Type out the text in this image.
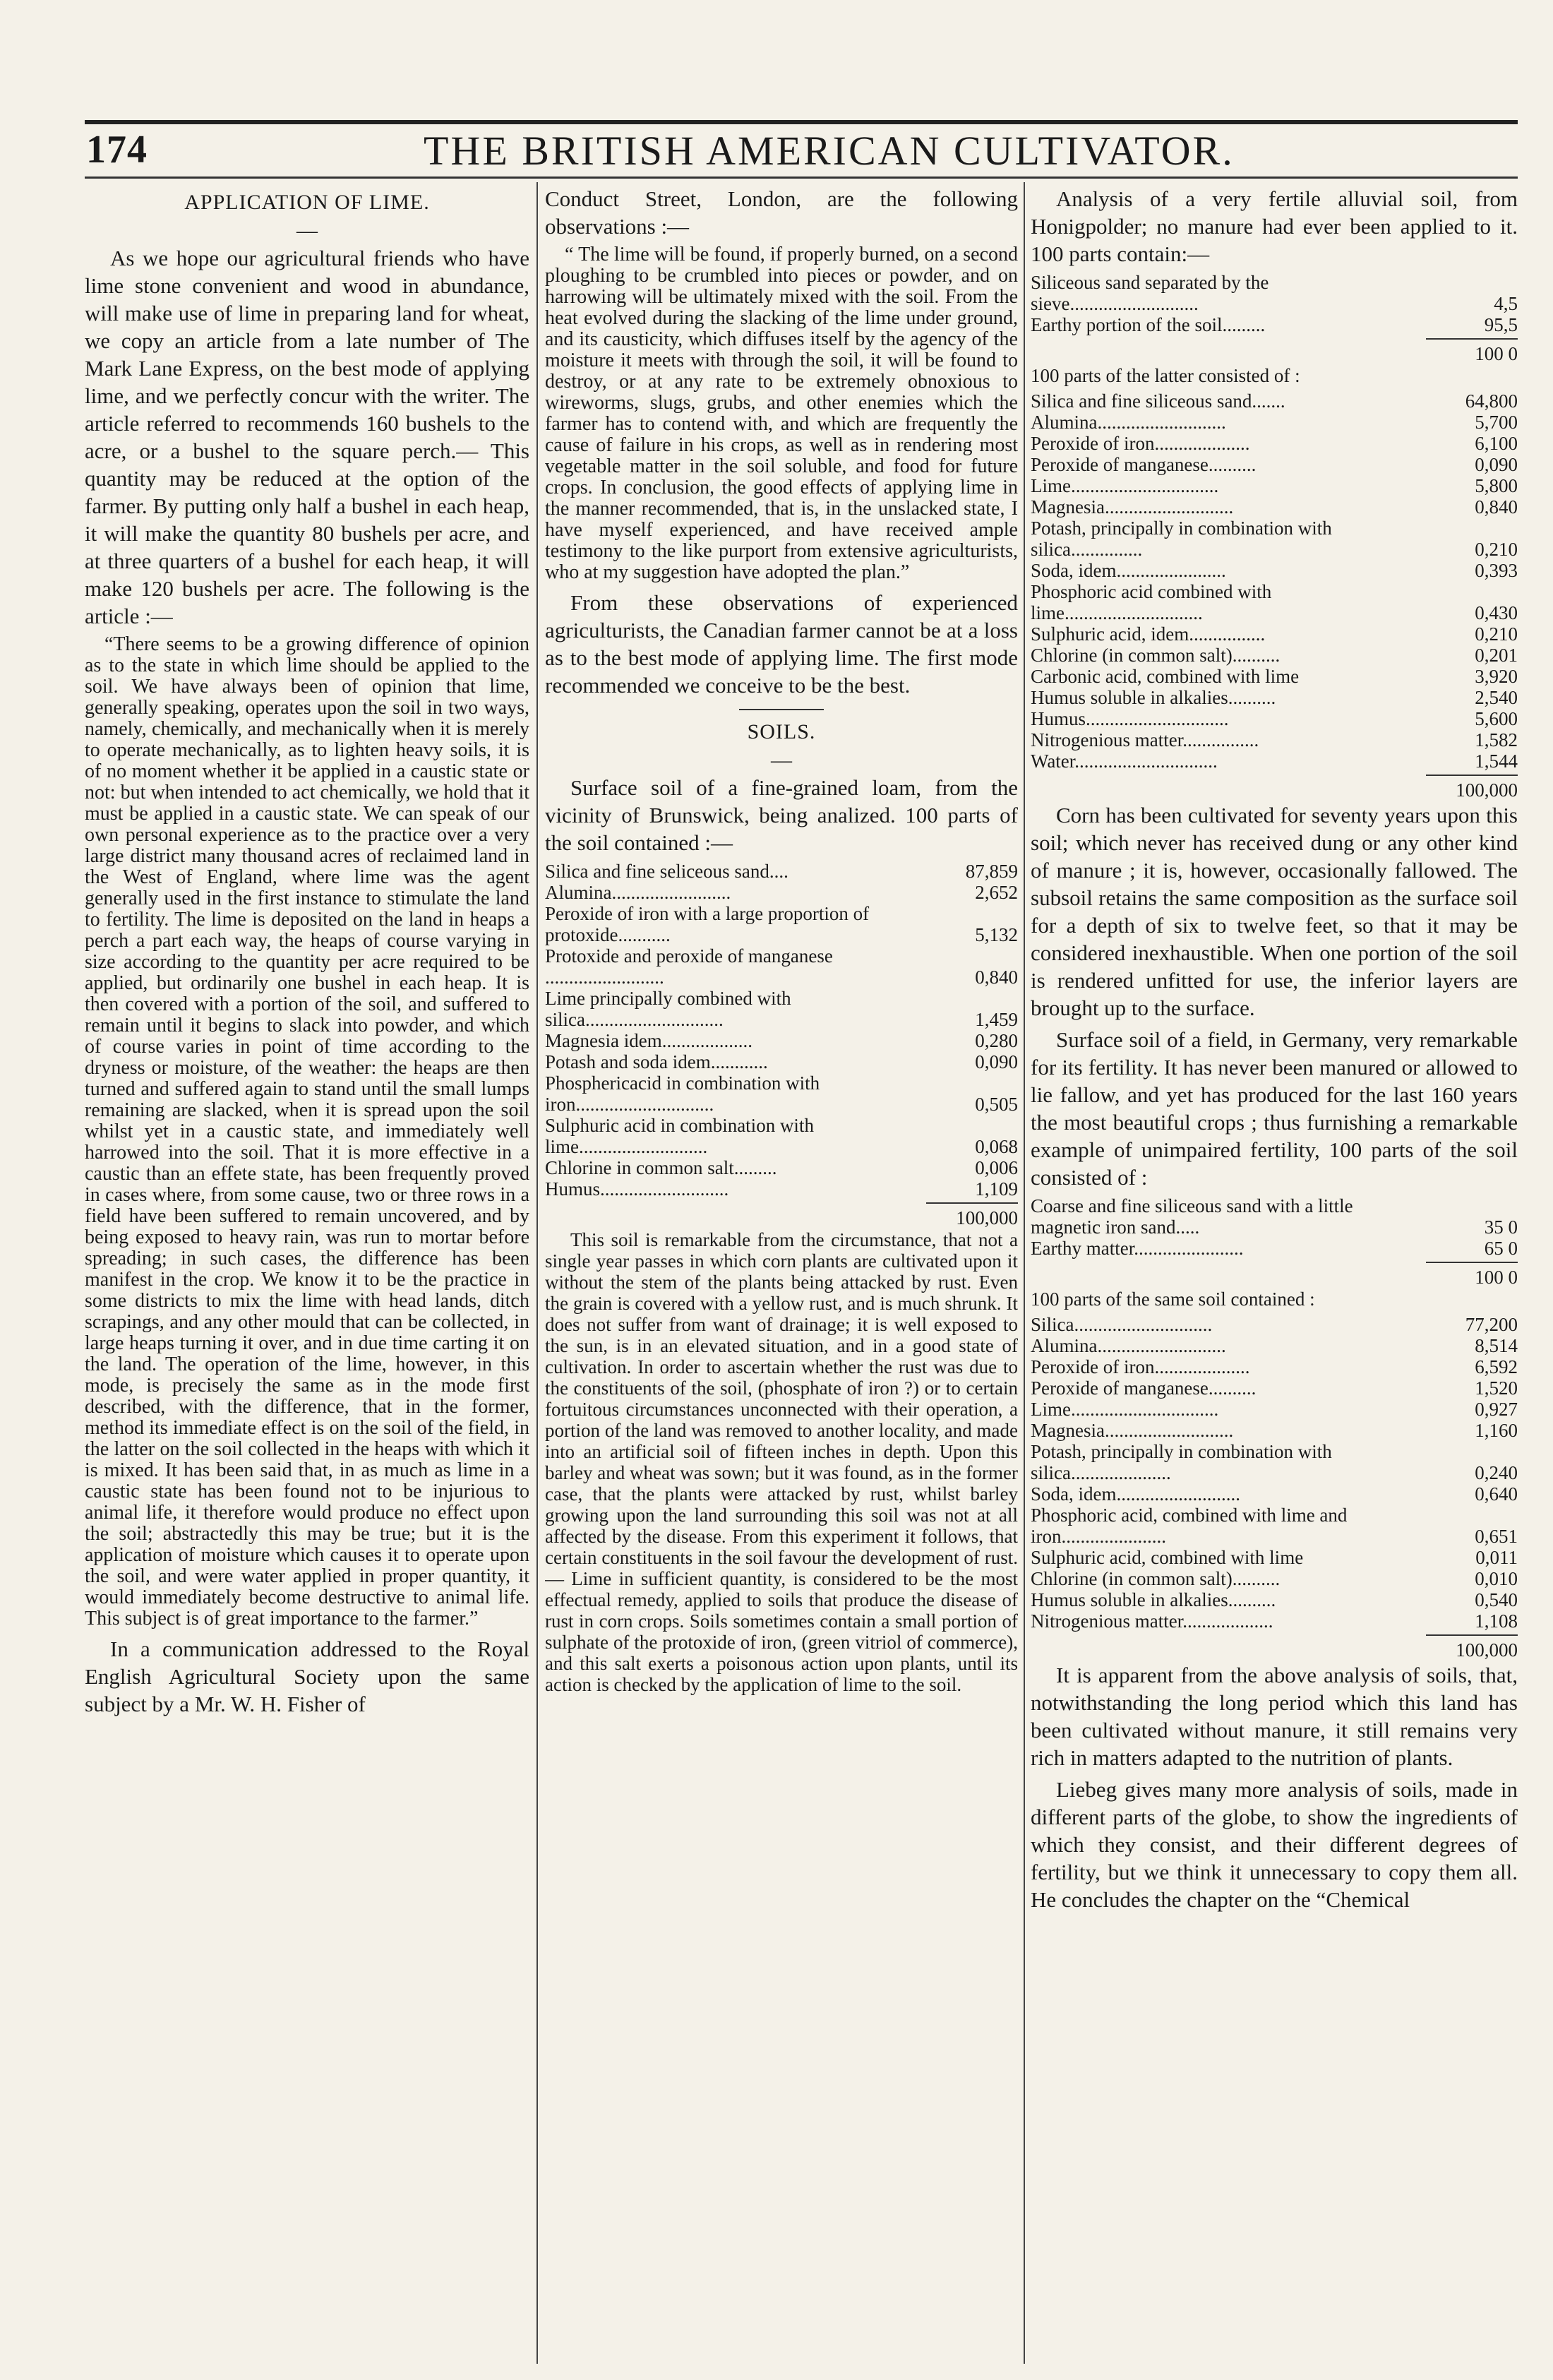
174	THE BRITISH AMERICAN CULTIVATOR.
APPLICATION OF LIME.
—

As we hope our agricultural friends who have lime stone convenient and wood in abundance, will make use of lime in preparing land for wheat, we copy an article from a late number of The Mark Lane Express, on the best mode of applying lime, and we perfectly concur with the writer. The article referred to recommends 160 bushels to the acre, or a bushel to the square perch.— This quantity may be reduced at the option of the farmer. By putting only half a bushel in each heap, it will make the quantity 80 bushels per acre, and at three quarters of a bushel for each heap, it will make 120 bushels per acre. The following is the article :—

“There seems to be a growing difference of opinion as to the state in which lime should be applied to the soil. We have always been of opinion that lime, generally speaking, operates upon the soil in two ways, namely, chemically, and mechanically when it is merely to operate mechanically, as to lighten heavy soils, it is of no moment whether it be applied in a caustic state or not: but when intended to act chemically, we hold that it must be applied in a caustic state. We can speak of our own personal experience as to the practice over a very large district many thousand acres of reclaimed land in the West of England, where lime was the agent generally used in the first instance to stimulate the land to fertility. The lime is deposited on the land in heaps a perch a part each way, the heaps of course varying in size according to the quantity per acre required to be applied, but ordinarily one bushel in each heap. It is then covered with a portion of the soil, and suffered to remain until it begins to slack into powder, and which of course varies in point of time according to the dryness or moisture, of the weather: the heaps are then turned and suffered again to stand until the small lumps remaining are slacked, when it is spread upon the soil whilst yet in a caustic state, and immediately well harrowed into the soil. That it is more effective in a caustic than an effete state, has been frequently proved in cases where, from some cause, two or three rows in a field have been suffered to remain uncovered, and by being exposed to heavy rain, was run to mortar before spreading; in such cases, the difference has been manifest in the crop. We know it to be the practice in some districts to mix the lime with head lands, ditch scrapings, and any other mould that can be collected, in large heaps turning it over, and in due time carting it on the land. The operation of the lime, however, in this mode, is precisely the same as in the mode first described, with the difference, that in the former, method its immediate effect is on the soil of the field, in the latter on the soil collected in the heaps with which it is mixed. It has been said that, in as much as lime in a caustic state has been found not to be injurious to animal life, it therefore would produce no effect upon the soil; abstractedly this may be true; but it is the application of moisture which causes it to operate upon the soil, and were water applied in proper quantity, it would immediately become destructive to animal life. This subject is of great importance to the farmer.”

In a communication addressed to the Royal English Agricultural Society upon the same subject by a Mr. W. H. Fisher of

Conduct Street, London, are the following observations :—

“ The lime will be found, if properly burned, on a second ploughing to be crumbled into pieces or powder, and on harrowing will be ultimately mixed with the soil. From the heat evolved during the slacking of the lime under ground, and its causticity, which diffuses itself by the agency of the moisture it meets with through the soil, it will be found to destroy, or at any rate to be extremely obnoxious to wireworms, slugs, grubs, and other enemies which the farmer has to contend with, and which are frequently the cause of failure in his crops, as well as in rendering most vegetable matter in the soil soluble, and food for future crops. In conclusion, the good effects of applying lime in the manner recommended, that is, in the unslacked state, I have myself experienced, and have received ample testimony to the like purport from extensive agriculturists, who at my suggestion have adopted the plan.”

From these observations of experienced agriculturists, the Canadian farmer cannot be at a loss as to the best mode of applying lime. The first mode recommended we conceive to be the best.

SOILS.
—

Surface soil of a fine-grained loam, from the vicinity of Brunswick, being analized. 100 parts of the soil contained :—

Silica and fine seliceous sand....	87,859
Alumina.........................	2,652
Peroxide of iron with a large proportion of protoxide...........	5,132
Protoxide and peroxide of manganese .........................	0,840
Lime principally combined with silica.............................	1,459
Magnesia idem...................	0,280
Potash and soda idem............	0,090
Phosphericacid in combination with iron.............................	0,505
Sulphuric acid in combination with lime...........................	0,068
Chlorine in common salt.........	0,006
Humus...........................	1,109
100,000

This soil is remarkable from the circumstance, that not a single year passes in which corn plants are cultivated upon it without the stem of the plants being attacked by rust. Even the grain is covered with a yellow rust, and is much shrunk. It does not suffer from want of drainage; it is well exposed to the sun, is in an elevated situation, and in a good state of cultivation. In order to ascertain whether the rust was due to the constituents of the soil, (phosphate of iron ?) or to certain fortuitous circumstances unconnected with their operation, a portion of the land was removed to another locality, and made into an artificial soil of fifteen inches in depth. Upon this barley and wheat was sown; but it was found, as in the former case, that the plants were attacked by rust, whilst barley growing upon the land surrounding this soil was not at all affected by the disease. From this experiment it follows, that certain constituents in the soil favour the development of rust.— Lime in sufficient quantity, is considered to be the most effectual remedy, applied to soils that produce the disease of rust in corn crops. Soils sometimes contain a small portion of sulphate of the protoxide of iron, (green vitriol of commerce), and this salt exerts a poisonous action upon plants, until its action is checked by the application of lime to the soil.

Analysis of a very fertile alluvial soil, from Honigpolder; no manure had ever been applied to it. 100 parts contain:—

Siliceous sand separated by the sieve...........................	4,5
Earthy portion of the soil.........	95,5
100 0

100 parts of the latter consisted of :

Silica and fine siliceous sand.......	64,800
Alumina...........................	5,700
Peroxide of iron....................	6,100
Peroxide of manganese..........	0,090
Lime...............................	5,800
Magnesia...........................	0,840
Potash, principally in combination with silica...............	0,210
Soda, idem.......................	0,393
Phosphoric acid combined with lime.............................	0,430
Sulphuric acid, idem................	0,210
Chlorine (in common salt)..........	0,201
Carbonic acid, combined with lime	3,920
Humus soluble in alkalies..........	2,540
Humus..............................	5,600
Nitrogenious matter................	1,582
Water..............................	1,544
100,000

Corn has been cultivated for seventy years upon this soil; which never has received dung or any other kind of manure ; it is, however, occasionally fallowed. The subsoil retains the same composition as the surface soil for a depth of six to twelve feet, so that it may be considered inexhaustible. When one portion of the soil is rendered unfitted for use, the inferior layers are brought up to the surface.

Surface soil of a field, in Germany, very remarkable for its fertility. It has never been manured or allowed to lie fallow, and yet has produced for the last 160 years the most beautiful crops ; thus furnishing a remarkable example of unimpaired fertility, 100 parts of the soil consisted of :

Coarse and fine siliceous sand with a little magnetic iron sand.....	35 0
Earthy matter.......................	65 0
100 0

100 parts of the same soil contained :

Silica.............................	77,200
Alumina...........................	8,514
Peroxide of iron....................	6,592
Peroxide of manganese..........	1,520
Lime...............................	0,927
Magnesia...........................	1,160
Potash, principally in combination with silica.....................	0,240
Soda, idem..........................	0,640
Phosphoric acid, combined with lime and iron......................	0,651
Sulphuric acid, combined with lime	0,011
Chlorine (in common salt)..........	0,010
Humus soluble in alkalies..........	0,540
Nitrogenious matter...................	1,108
100,000

It is apparent from the above analysis of soils, that, notwithstanding the long period which this land has been cultivated without manure, it still remains very rich in matters adapted to the nutrition of plants.

Liebeg gives many more analysis of soils, made in different parts of the globe, to show the ingredients of which they consist, and their different degrees of fertility, but we think it unnecessary to copy them all. He concludes the chapter on the “Chemical
